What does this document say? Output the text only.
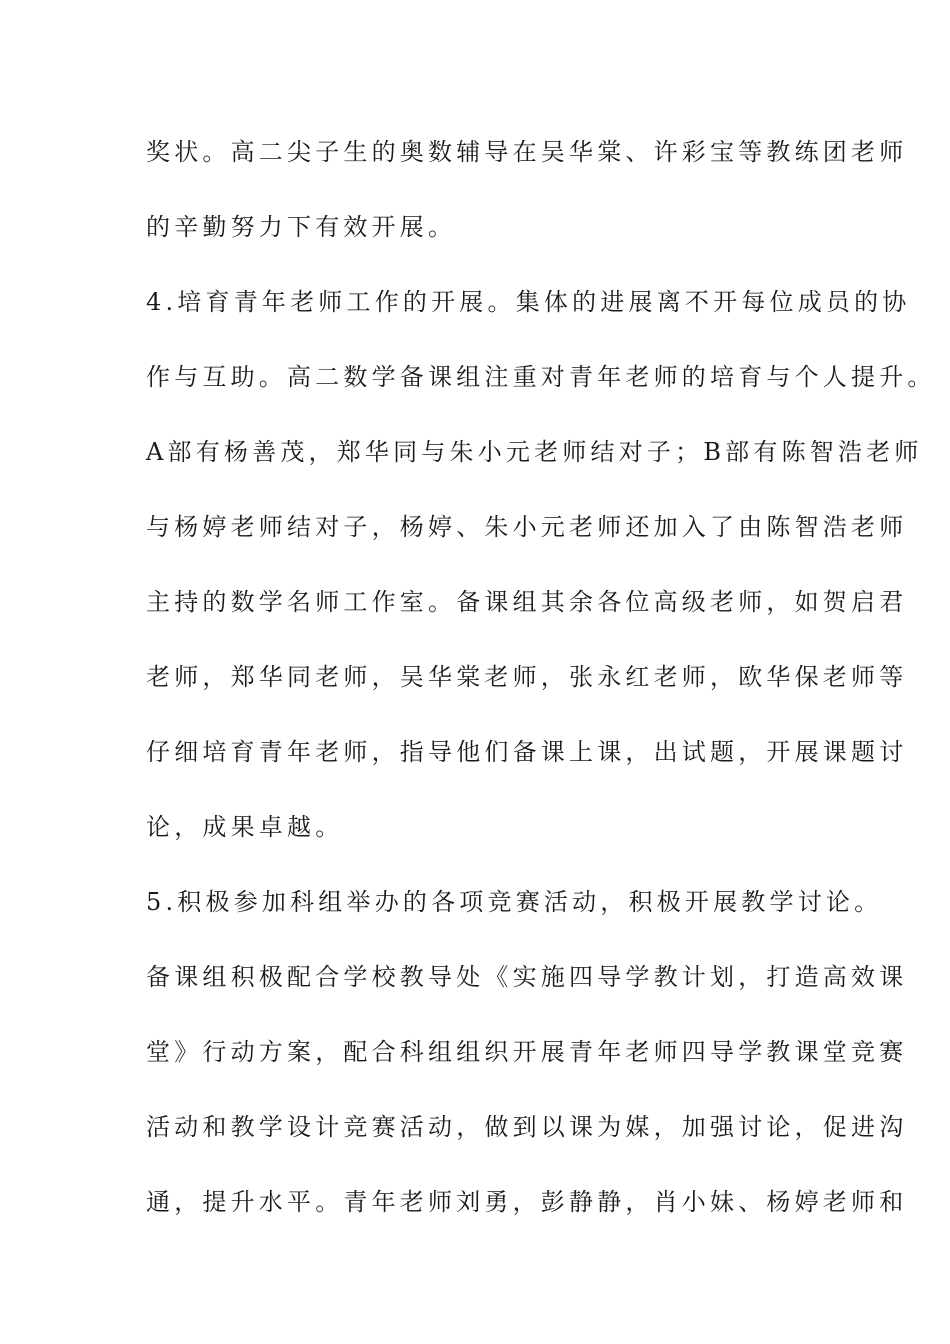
奖状。高二尖子生的奥数辅导在吴华棠、许彩宝等教练团老师
的辛勤努力下有效开展。
4.培育青年老师工作的开展。集体的进展离不开每位成员的协
作与互助。高二数学备课组注重对青年老师的培育与个人提升。
A部有杨善茂，郑华同与朱小元老师结对子；B部有陈智浩老师
与杨婷老师结对子，杨婷、朱小元老师还加入了由陈智浩老师
主持的数学名师工作室。备课组其余各位高级老师，如贺启君
老师，郑华同老师，吴华棠老师，张永红老师，欧华保老师等
仔细培育青年老师，指导他们备课上课，出试题，开展课题讨
论，成果卓越。
5.积极参加科组举办的各项竞赛活动，积极开展教学讨论。
备课组积极配合学校教导处《实施四导学教计划，打造高效课
堂》行动方案，配合科组组织开展青年老师四导学教课堂竞赛
活动和教学设计竞赛活动，做到以课为媒，加强讨论，促进沟
通，提升水平。青年老师刘勇，彭静静，肖小妹、杨婷老师和
